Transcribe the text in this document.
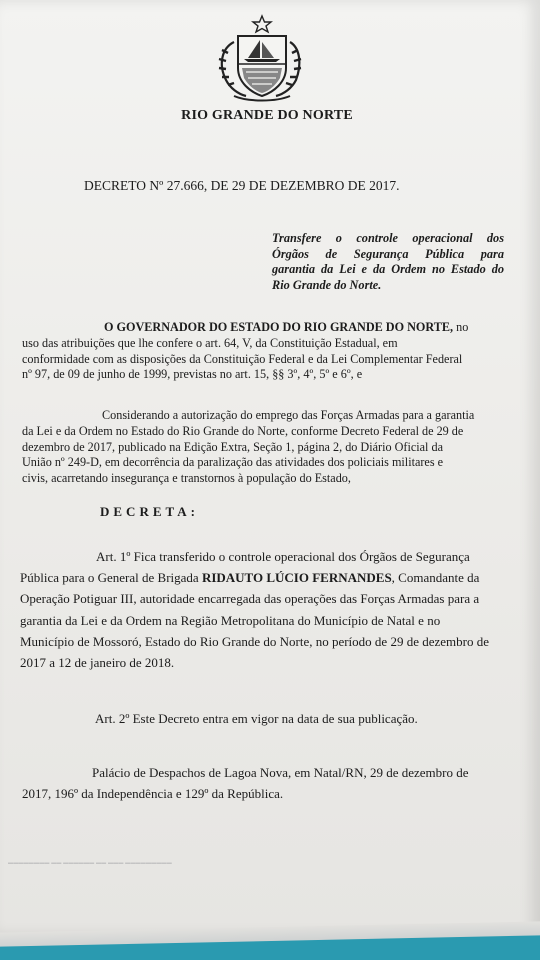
RIO GRANDE DO NORTE
DECRETO Nº 27.666, DE 29 DE DEZEMBRO DE 2017.
Transfere o controle operacional dos
Órgãos de Segurança Pública para
garantia da Lei e da Ordem no Estado do
Rio Grande do Norte.
O GOVERNADOR DO ESTADO DO RIO GRANDE DO NORTE, no
uso das atribuições que lhe confere o art. 64, V, da Constituição Estadual, em
conformidade com as disposições da Constituição Federal e da Lei Complementar Federal
nº 97, de 09 de junho de 1999, previstas no art. 15, §§ 3º, 4º, 5º e 6º, e
Considerando a autorização do emprego das Forças Armadas para a garantia
da Lei e da Ordem no Estado do Rio Grande do Norte, conforme Decreto Federal de 29 de
dezembro de 2017, publicado na Edição Extra, Seção 1, página 2, do Diário Oficial da
União nº 249-D, em decorrência da paralização das atividades dos policiais militares e
civis, acarretando insegurança e transtornos à população do Estado,
DECRETA:
Art. 1º Fica transferido o controle operacional dos Órgãos de Segurança
Pública para o General de Brigada RIDAUTO LÚCIO FERNANDES, Comandante da
Operação Potiguar III, autoridade encarregada das operações das Forças Armadas para a
garantia da Lei e da Ordem na Região Metropolitana do Município de Natal e no
Município de Mossoró, Estado do Rio Grande do Norte, no período de 29 de dezembro de
2017 a 12 de janeiro de 2018.
Art. 2º Este Decreto entra em vigor na data de sua publicação.
Palácio de Despachos de Lagoa Nova, em Natal/RN, 29 de dezembro de
2017, 196º da Independência e 129º da República.
▬▬▬▬▬▬▬▬ ▬▬ ▬▬▬▬▬▬ ▬▬ ▬▬▬ ▬▬▬▬▬▬▬▬▬
